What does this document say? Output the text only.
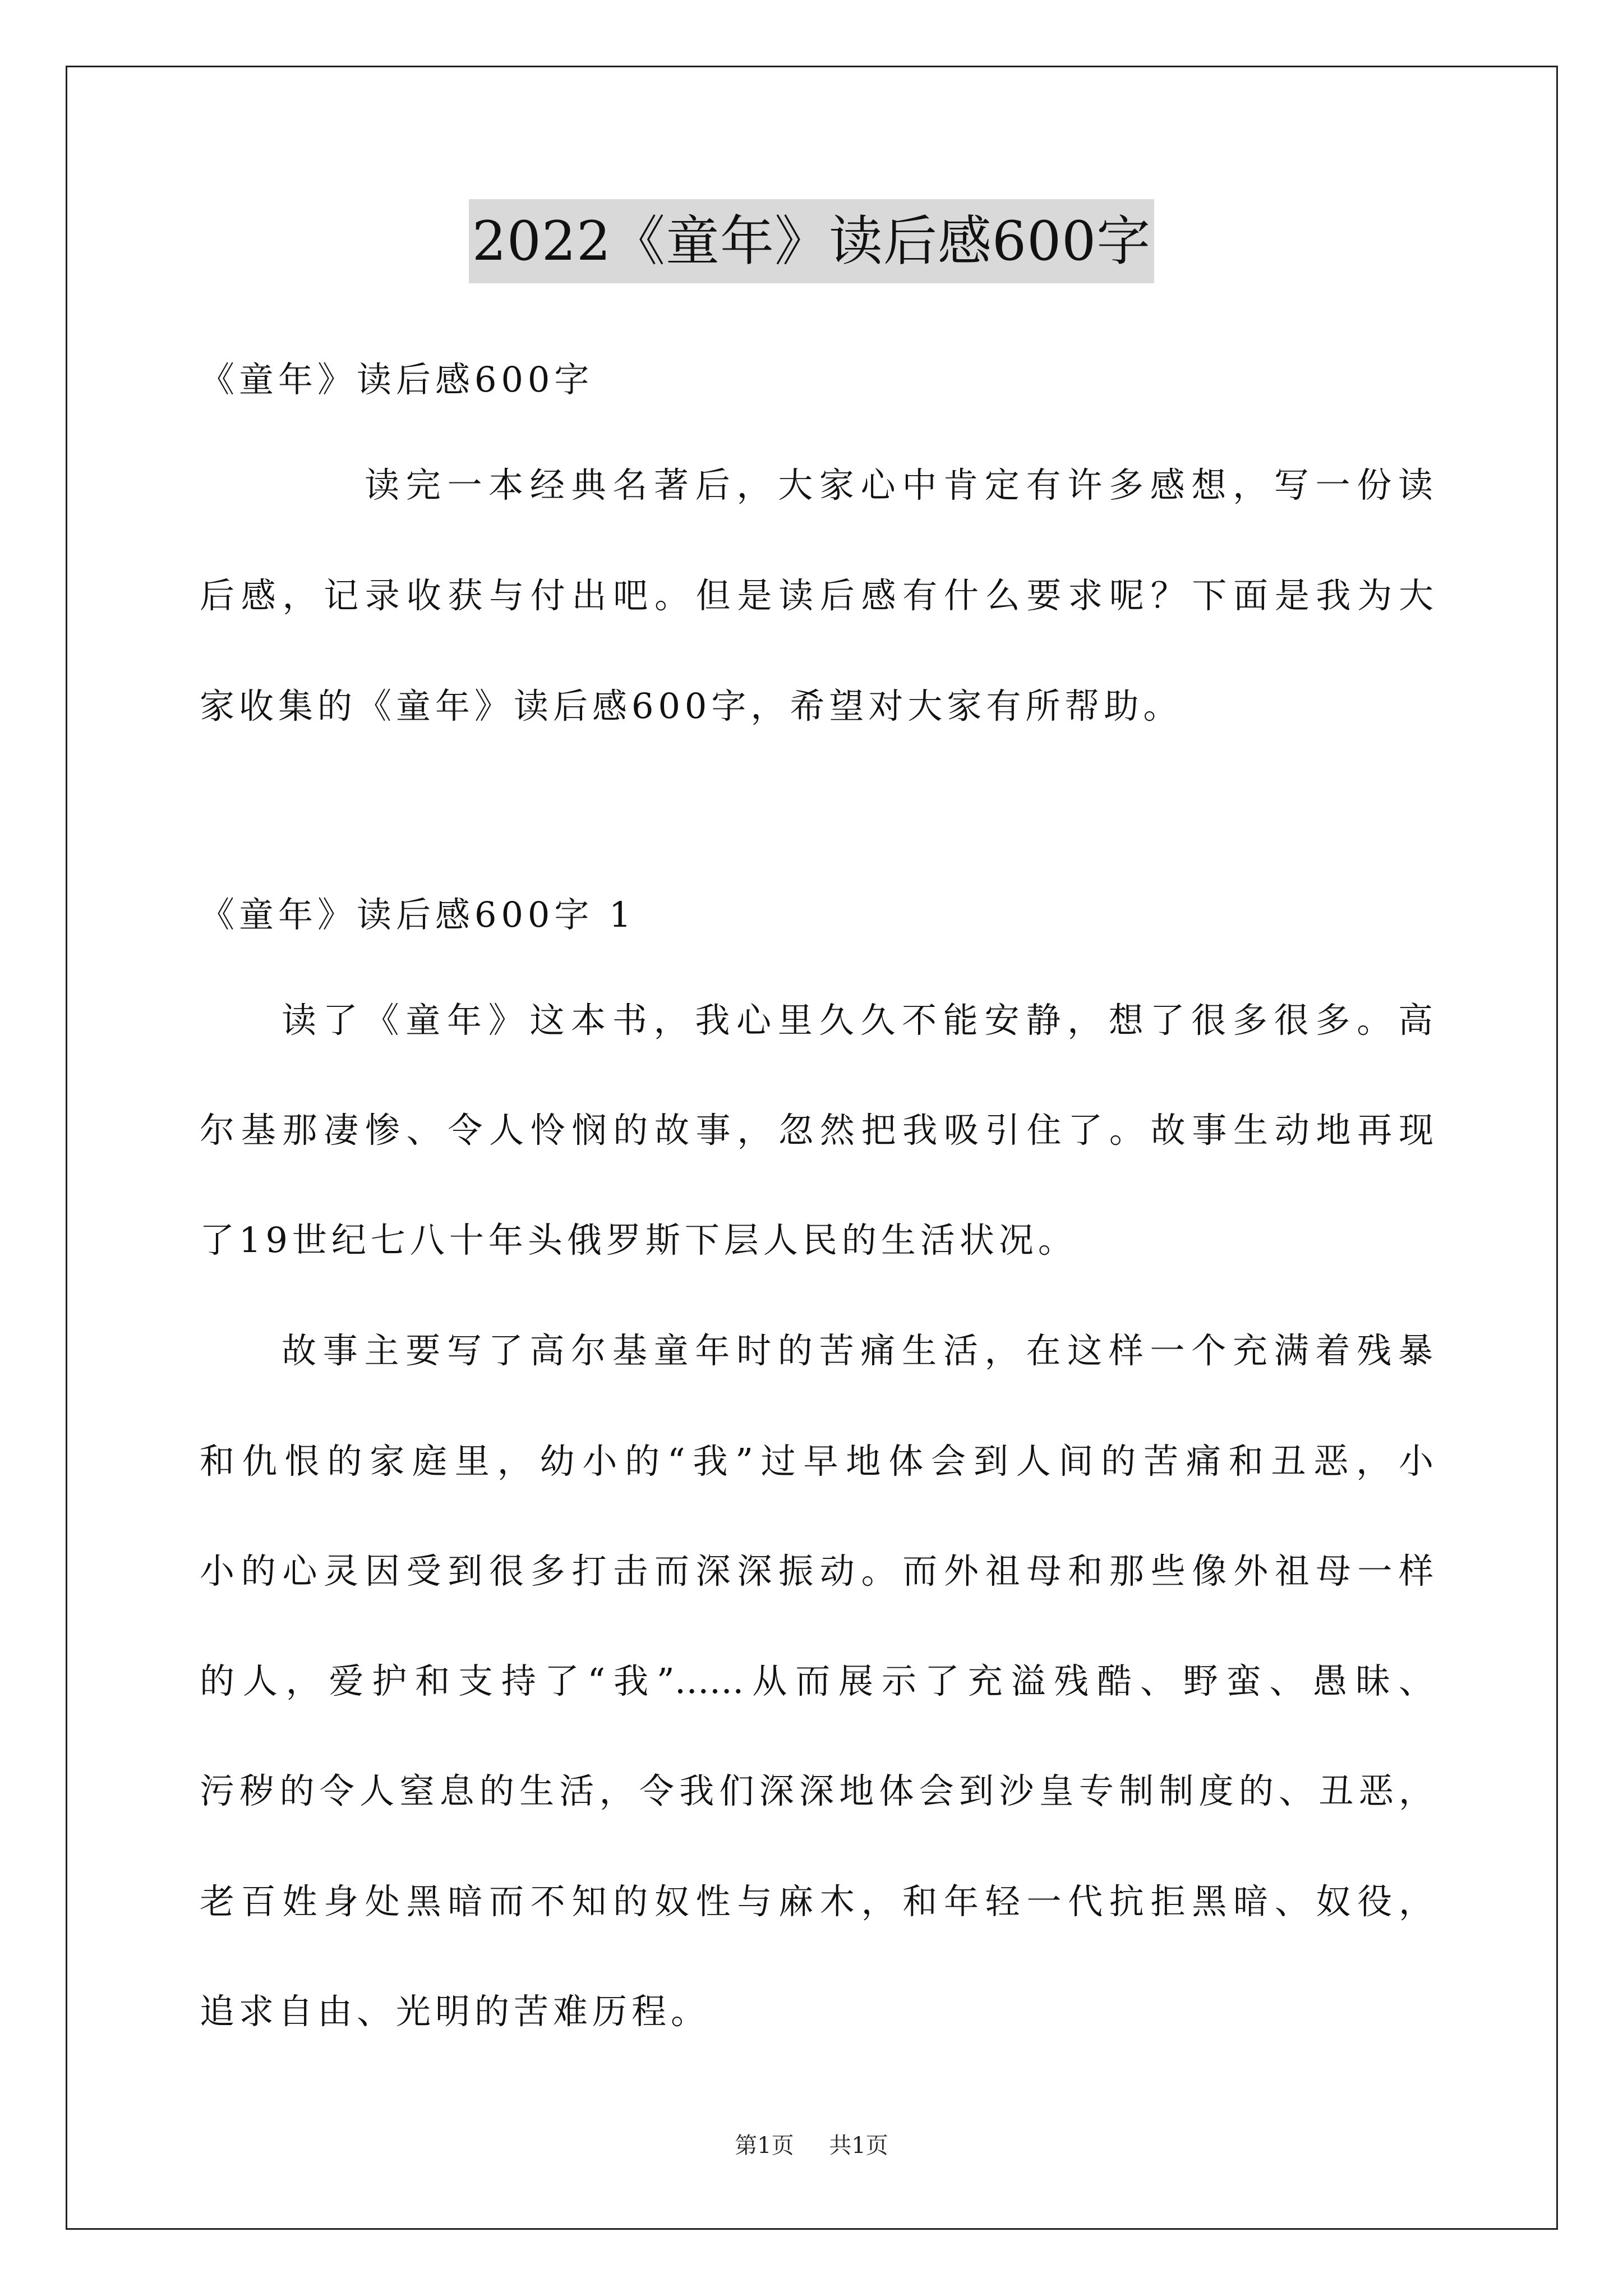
2022《童年》读后感600字
《童年》读后感600字
读完一本经典名著后，大家心中肯定有许多感想，写一份读
后感，记录收获与付出吧。但是读后感有什么要求呢？下面是我为大
家收集的《童年》读后感600字，希望对大家有所帮助。
《童年》读后感600字 1
读了《童年》这本书，我心里久久不能安静，想了很多很多。高
尔基那凄惨、令人怜悯的故事，忽然把我吸引住了。故事生动地再现
了19世纪七八十年头俄罗斯下层人民的生活状况。
故事主要写了高尔基童年时的苦痛生活，在这样一个充满着残暴
和仇恨的家庭里，幼小的“我”过早地体会到人间的苦痛和丑恶，小
小的心灵因受到很多打击而深深振动。而外祖母和那些像外祖母一样
的人，爱护和支持了“我”……从而展示了充溢残酷、野蛮、愚昧、
污秽的令人窒息的生活，令我们深深地体会到沙皇专制制度的、丑恶，
老百姓身处黑暗而不知的奴性与麻木，和年轻一代抗拒黑暗、奴役，
追求自由、光明的苦难历程。
第1页 共1页
